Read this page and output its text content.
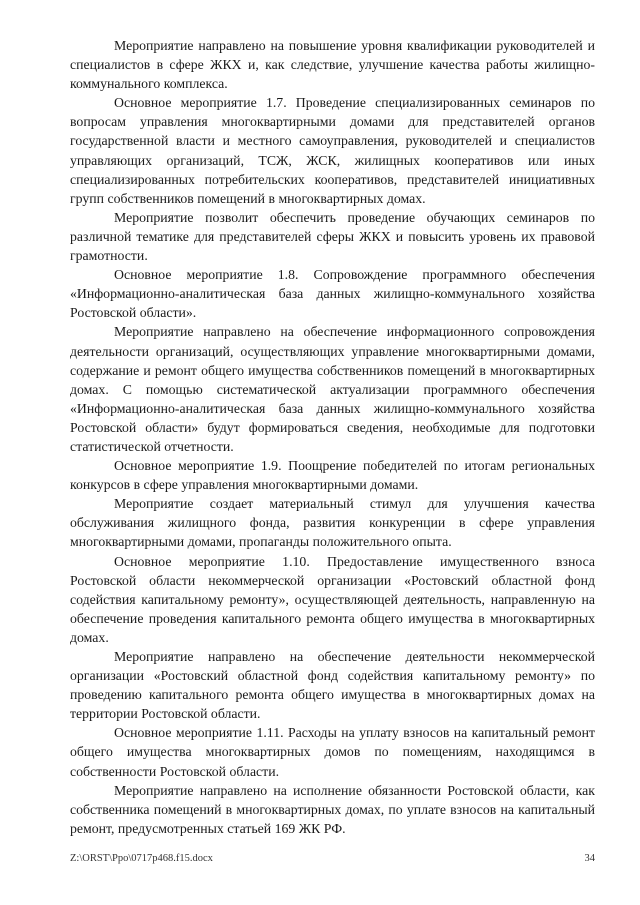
Мероприятие направлено на повышение уровня квалификации руководителей и специалистов в сфере ЖКХ и, как следствие, улучшение качества работы жилищно-коммунального комплекса.

Основное мероприятие 1.7. Проведение специализированных семинаров по вопросам управления многоквартирными домами для представителей органов государственной власти и местного самоуправления, руководителей и специалистов управляющих организаций, ТСЖ, ЖСК, жилищных кооперативов или иных специализированных потребительских кооперативов, представителей инициативных групп собственников помещений в многоквартирных домах.

Мероприятие позволит обеспечить проведение обучающих семинаров по различной тематике для представителей сферы ЖКХ и повысить уровень их правовой грамотности.

Основное мероприятие 1.8. Сопровождение программного обеспечения «Информационно-аналитическая база данных жилищно-коммунального хозяйства Ростовской области».

Мероприятие направлено на обеспечение информационного сопровождения деятельности организаций, осуществляющих управление многоквартирными домами, содержание и ремонт общего имущества собственников помещений в многоквартирных домах. С помощью систематической актуализации программного обеспечения «Информационно-аналитическая база данных жилищно-коммунального хозяйства Ростовской области» будут формироваться сведения, необходимые для подготовки статистической отчетности.

Основное мероприятие 1.9. Поощрение победителей по итогам региональных конкурсов в сфере управления многоквартирными домами.

Мероприятие создает материальный стимул для улучшения качества обслуживания жилищного фонда, развития конкуренции в сфере управления многоквартирными домами, пропаганды положительного опыта.

Основное мероприятие 1.10. Предоставление имущественного взноса Ростовской области некоммерческой организации «Ростовский областной фонд содействия капитальному ремонту», осуществляющей деятельность, направленную на обеспечение проведения капитального ремонта общего имущества в многоквартирных домах.

Мероприятие направлено на обеспечение деятельности некоммерческой организации «Ростовский областной фонд содействия капитальному ремонту» по проведению капитального ремонта общего имущества в многоквартирных домах на территории Ростовской области.

Основное мероприятие 1.11. Расходы на уплату взносов на капитальный ремонт общего имущества многоквартирных домов по помещениям, находящимся в собственности Ростовской области.

Мероприятие направлено на исполнение обязанности Ростовской области, как собственника помещений в многоквартирных домах, по уплате взносов на капитальный ремонт, предусмотренных статьей 169 ЖК РФ.

Z:\ORST\Ppo\0717p468.f15.docx	34
